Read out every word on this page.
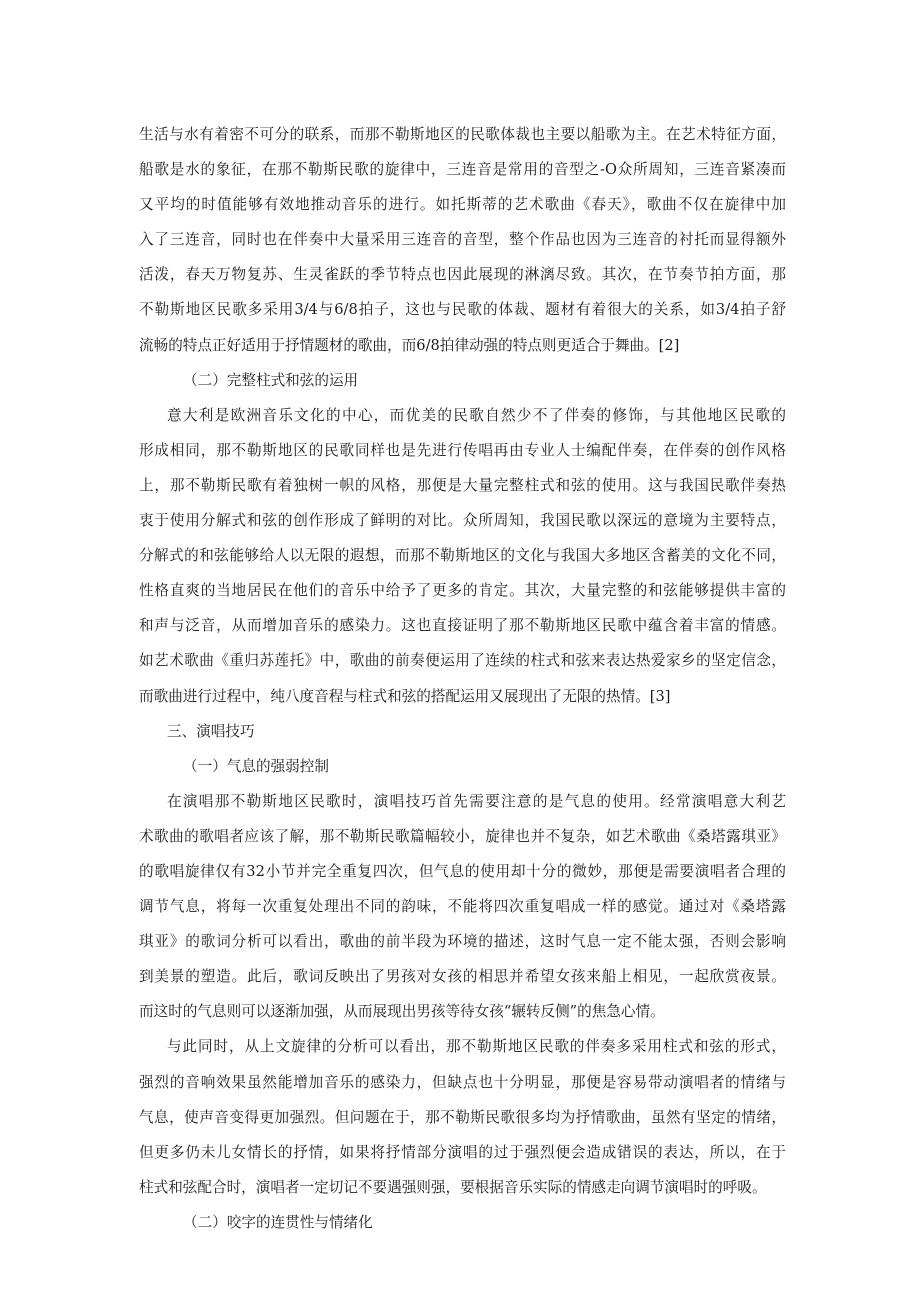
生活与水有着密不可分的联系，而那不勒斯地区的民歌体裁也主要以船歌为主。在艺术特征方面，
船歌是水的象征，在那不勒斯民歌的旋律中，三连音是常用的音型之-O众所周知，三连音紧凑而
又平均的时值能够有效地推动音乐的进行。如托斯蒂的艺术歌曲《春天》，歌曲不仅在旋律中加
入了三连音，同时也在伴奏中大量采用三连音的音型，整个作品也因为三连音的衬托而显得额外
活泼，春天万物复苏、生灵雀跃的季节特点也因此展现的淋漓尽致。其次，在节奏节拍方面，那
不勒斯地区民歌多采用3/4与6/8拍子，这也与民歌的体裁、题材有着很大的关系，如3/4拍子舒
流畅的特点正好适用于抒情题材的歌曲，而6/8拍律动强的特点则更适合于舞曲。[2]
（二）完整柱式和弦的运用
意大利是欧洲音乐文化的中心，而优美的民歌自然少不了伴奏的修饰，与其他地区民歌的
形成相同，那不勒斯地区的民歌同样也是先进行传唱再由专业人士编配伴奏，在伴奏的创作风格
上，那不勒斯民歌有着独树一帜的风格，那便是大量完整柱式和弦的使用。这与我国民歌伴奏热
衷于使用分解式和弦的创作形成了鲜明的对比。众所周知，我国民歌以深远的意境为主要特点，
分解式的和弦能够给人以无限的遐想，而那不勒斯地区的文化与我国大多地区含蓄美的文化不同，
性格直爽的当地居民在他们的音乐中给予了更多的肯定。其次，大量完整的和弦能够提供丰富的
和声与泛音，从而增加音乐的感染力。这也直接证明了那不勒斯地区民歌中蕴含着丰富的情感。
如艺术歌曲《重归苏莲托》中，歌曲的前奏便运用了连续的柱式和弦来表达热爱家乡的坚定信念，
而歌曲进行过程中，纯八度音程与柱式和弦的搭配运用又展现出了无限的热情。[3]
三、演唱技巧
（一）气息的强弱控制
在演唱那不勒斯地区民歌时，演唱技巧首先需要注意的是气息的使用。经常演唱意大利艺
术歌曲的歌唱者应该了解，那不勒斯民歌篇幅较小，旋律也并不复杂，如艺术歌曲《桑塔露琪亚》
的歌唱旋律仅有32小节并完全重复四次，但气息的使用却十分的微妙，那便是需要演唱者合理的
调节气息，将每一次重复处理出不同的韵味，不能将四次重复唱成一样的感觉。通过对《桑塔露
琪亚》的歌词分析可以看出，歌曲的前半段为环境的描述，这时气息一定不能太强，否则会影响
到美景的塑造。此后，歌词反映出了男孩对女孩的相思并希望女孩来船上相见，一起欣赏夜景。
而这时的气息则可以逐渐加强，从而展现出男孩等待女孩“辗转反侧”的焦急心情。
与此同时，从上文旋律的分析可以看出，那不勒斯地区民歌的伴奏多采用柱式和弦的形式，
强烈的音响效果虽然能增加音乐的感染力，但缺点也十分明显，那便是容易带动演唱者的情绪与
气息，使声音变得更加强烈。但问题在于，那不勒斯民歌很多均为抒情歌曲，虽然有坚定的情绪，
但更多仍未儿女情长的抒情，如果将抒情部分演唱的过于强烈便会造成错误的表达，所以，在于
柱式和弦配合时，演唱者一定切记不要遇强则强，要根据音乐实际的情感走向调节演唱时的呼吸。
（二）咬字的连贯性与情绪化
